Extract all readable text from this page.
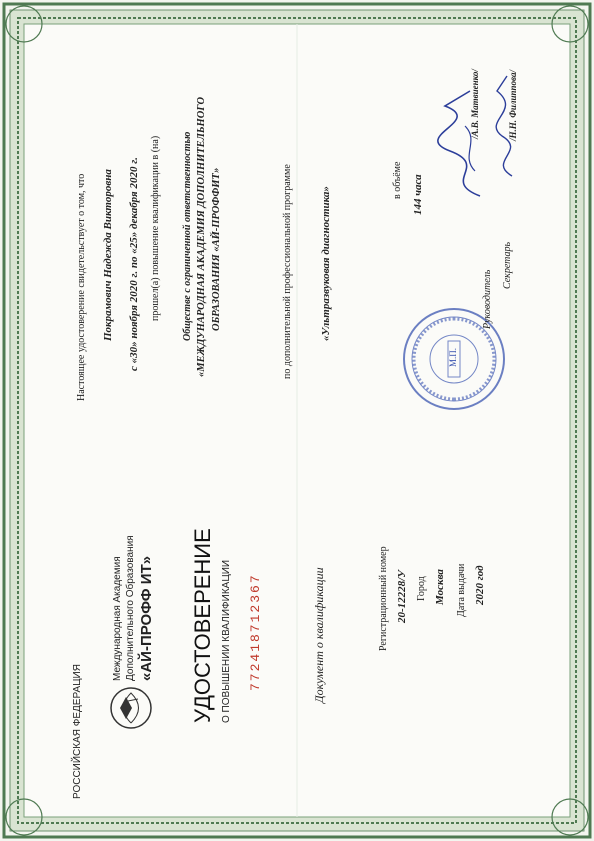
РОССИЙСКАЯ ФЕДЕРАЦИЯ
Международная Академия Дополнительного Образования «АЙ-ПРОФФ ИТ» УДОСТОВЕРЕНИЕ О ПОВЫШЕНИИ КВАЛИФИКАЦИИ 772418712367	Документ о квалификации	Регистрационный номер 20-12228/У Город Москва Дата выдачи 2020 год
Настоящее удостоверение свидетельствует о том, что Покрамович Надежда Викторовна с «30» ноября 2020 г. по «25» декабря 2020 г. прошел(а) повышение квалификации в (на) Обществе с ограниченной ответственностью «МЕЖДУНАРОДНАЯ АКАДЕМИЯ ДОПОЛНИТЕЛЬНОГО ОБРАЗОВАНИЯ «АЙ-ПРОФФИТ»	по дополнительной профессиональной программе «Ультразвуковая диагностика»
в объёме 144 часа
М.П.
Руководитель
Секретарь
/А.В. Матвиенко/	/Н.Н. Филиппова/
